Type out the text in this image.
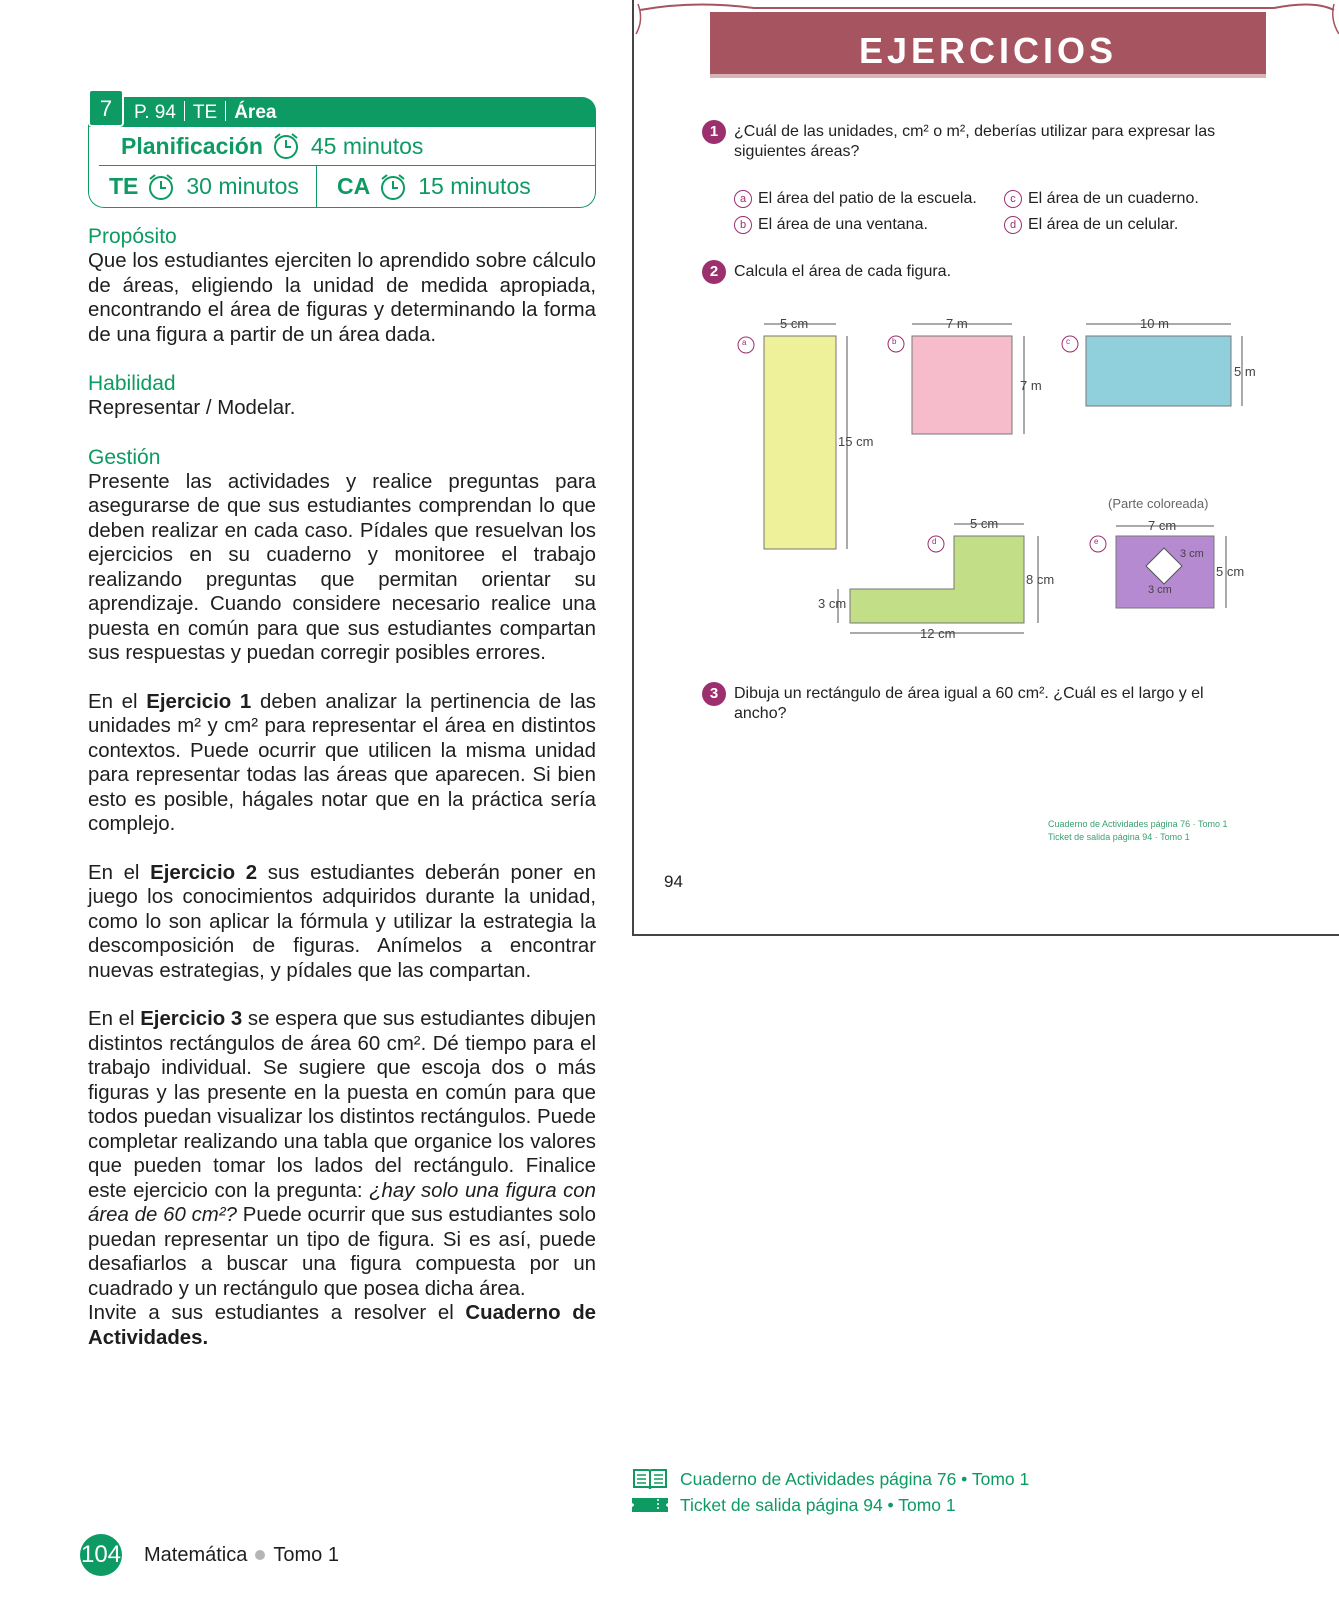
7	P. 94 TE Área
Planificación 45 minutos
TE 30 minutos CA 15 minutos
Propósito

Que los estudiantes ejerciten lo aprendido sobre cálculo de áreas, eligiendo la unidad de medida apropiada, encontrando el área de figuras y determinando la forma de una figura a partir de un área dada.

Habilidad

Representar / Modelar.

Gestión

Presente las actividades y realice preguntas para asegurarse de que sus estudiantes comprendan lo que deben realizar en cada caso. Pídales que resuelvan los ejercicios en su cuaderno y monitoree el trabajo realizando preguntas que permitan orientar su aprendizaje. Cuando considere necesario realice una puesta en común para que sus estudiantes compartan sus respuestas y puedan corregir posibles errores.

En el Ejercicio 1 deben analizar la pertinencia de las unidades m² y cm² para representar el área en distintos contextos. Puede ocurrir que utilicen la misma unidad para representar todas las áreas que aparecen. Si bien esto es posible, hágales notar que en la práctica sería complejo.

En el Ejercicio 2 sus estudiantes deberán poner en juego los conocimientos adquiridos durante la unidad, como lo son aplicar la fórmula y utilizar la estrategia la descomposición de figuras. Anímelos a encontrar nuevas estrategias, y pídales que las compartan.

En el Ejercicio 3 se espera que sus estudiantes dibujen distintos rectángulos de área 60 cm². Dé tiempo para el trabajo individual. Se sugiere que escoja dos o más figuras y las presente en la puesta en común para que todos puedan visualizar los distintos rectángulos. Puede completar realizando una tabla que organice los valores que pueden tomar los lados del rectángulo. Finalice este ejercicio con la pregunta: ¿hay solo una figura con área de 60 cm²? Puede ocurrir que sus estudiantes solo puedan representar un tipo de figura. Si es así, puede desafiarlos a buscar una figura compuesta por un cuadrado y un rectángulo que posea dicha área.

Invite a sus estudiantes a resolver el Cuaderno de Actividades.

EJERCICIOS
1 ¿Cuál de las unidades, cm² o m², deberías utilizar para expresar las siguientes áreas?
a El área del patio de la escuela.
b El área de una ventana.
c El área de un cuaderno.
d El área de un celular.
2 Calcula el área de cada figura.
a	b	c
d	e
5 cm
15 cm
7 m
7 m
10 m
5 m
5 cm
8 cm
3 cm
12 cm
(Parte coloreada)
7 cm
5 cm
3 cm
3 cm
3 Dibuja un rectángulo de área igual a 60 cm². ¿Cuál es el largo y el ancho?
Cuaderno de Actividades página 76 · Tomo 1
Ticket de salida página 94 · Tomo 1
94
Cuaderno de Actividades página 76 • Tomo 1
Ticket de salida página 94 • Tomo 1
104 Matemática Tomo 1
